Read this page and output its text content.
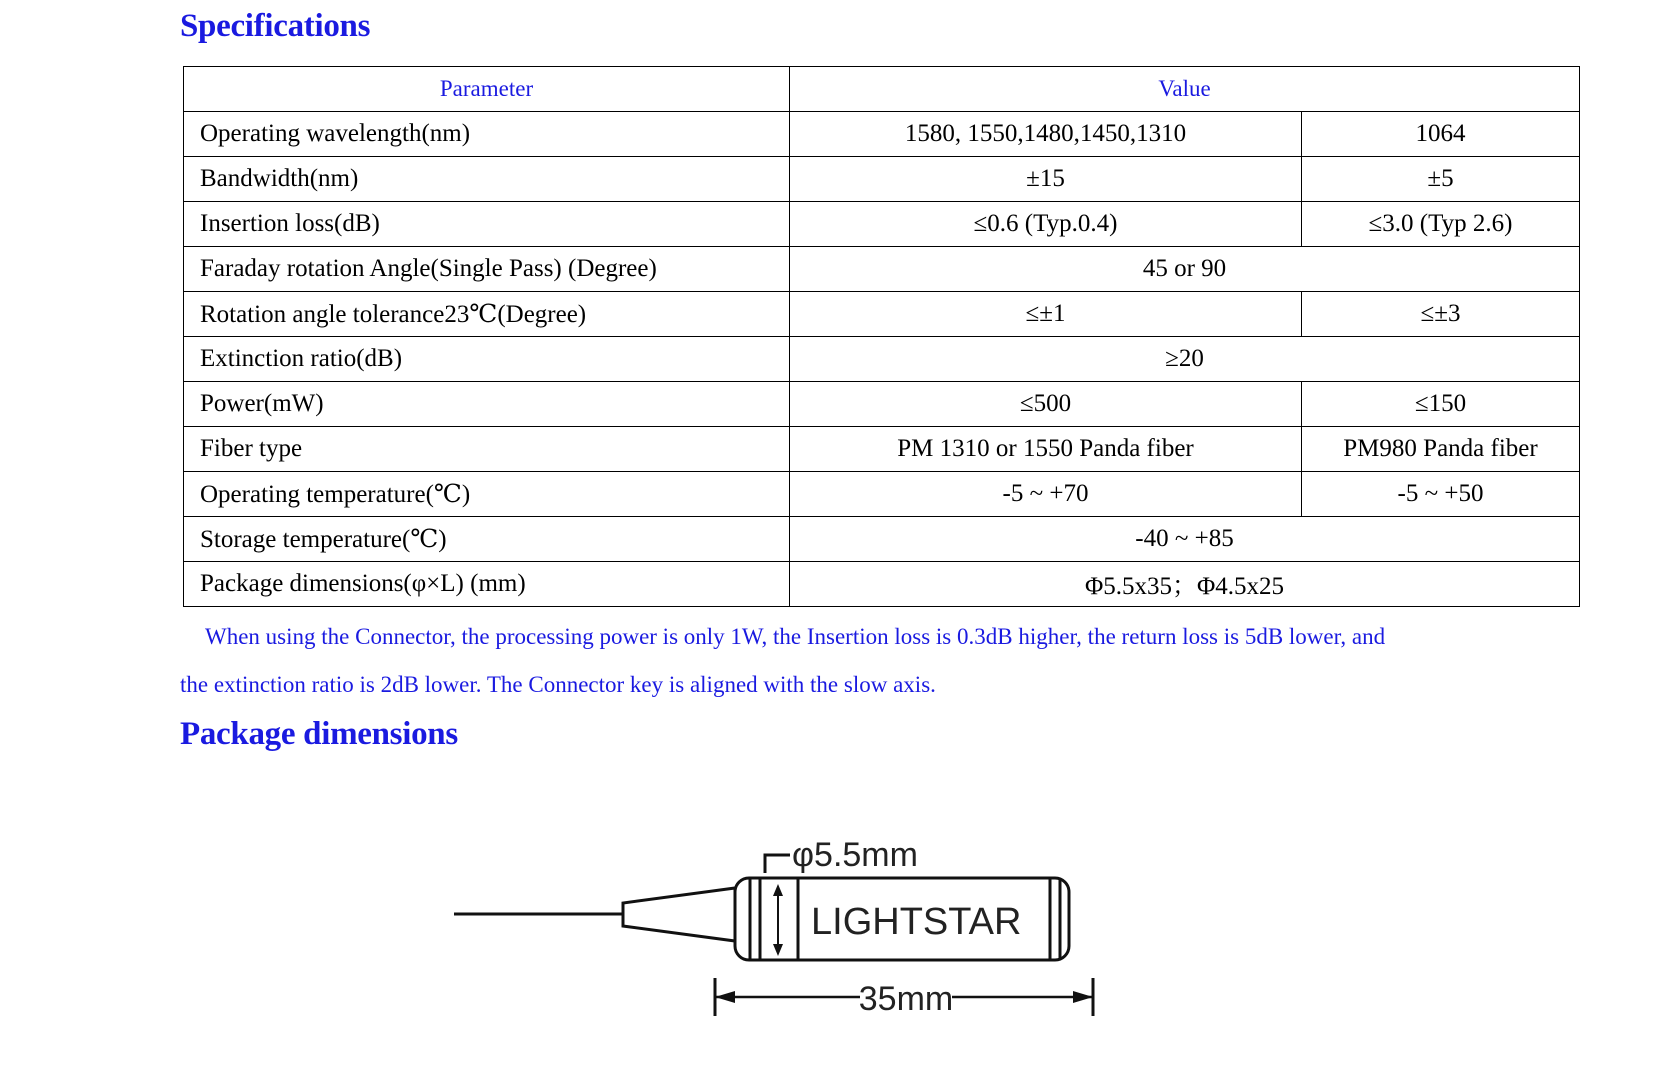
Specifications
Parameter	Value	
Operating wavelength(nm)	1580, 1550,1480,1450,1310	1064
Bandwidth(nm)	±15	±5
Insertion loss(dB)	≤0.6 (Typ.0.4)	≤3.0 (Typ 2.6)
Faraday rotation Angle(Single Pass) (Degree)	45 or 90	
Rotation angle tolerance23℃(Degree)	≤±1	≤±3
Extinction ratio(dB)	≥20	
Power(mW)	≤500	≤150
Fiber type	PM 1310 or 1550 Panda fiber	PM980 Panda fiber
Operating temperature(℃)	-5 ~ +70	-5 ~ +50
Storage temperature(℃)	-40 ~ +85	
Package dimensions(φ×L) (mm)	Φ5.5x35；Φ4.5x25	

When using the Connector, the processing power is only 1W, the Insertion loss is 0.3dB higher, the return loss is 5dB lower, and

the extinction ratio is 2dB lower. The Connector key is aligned with the slow axis.

Package dimensions
φ5.5mm
LIGHTSTAR
35mm
